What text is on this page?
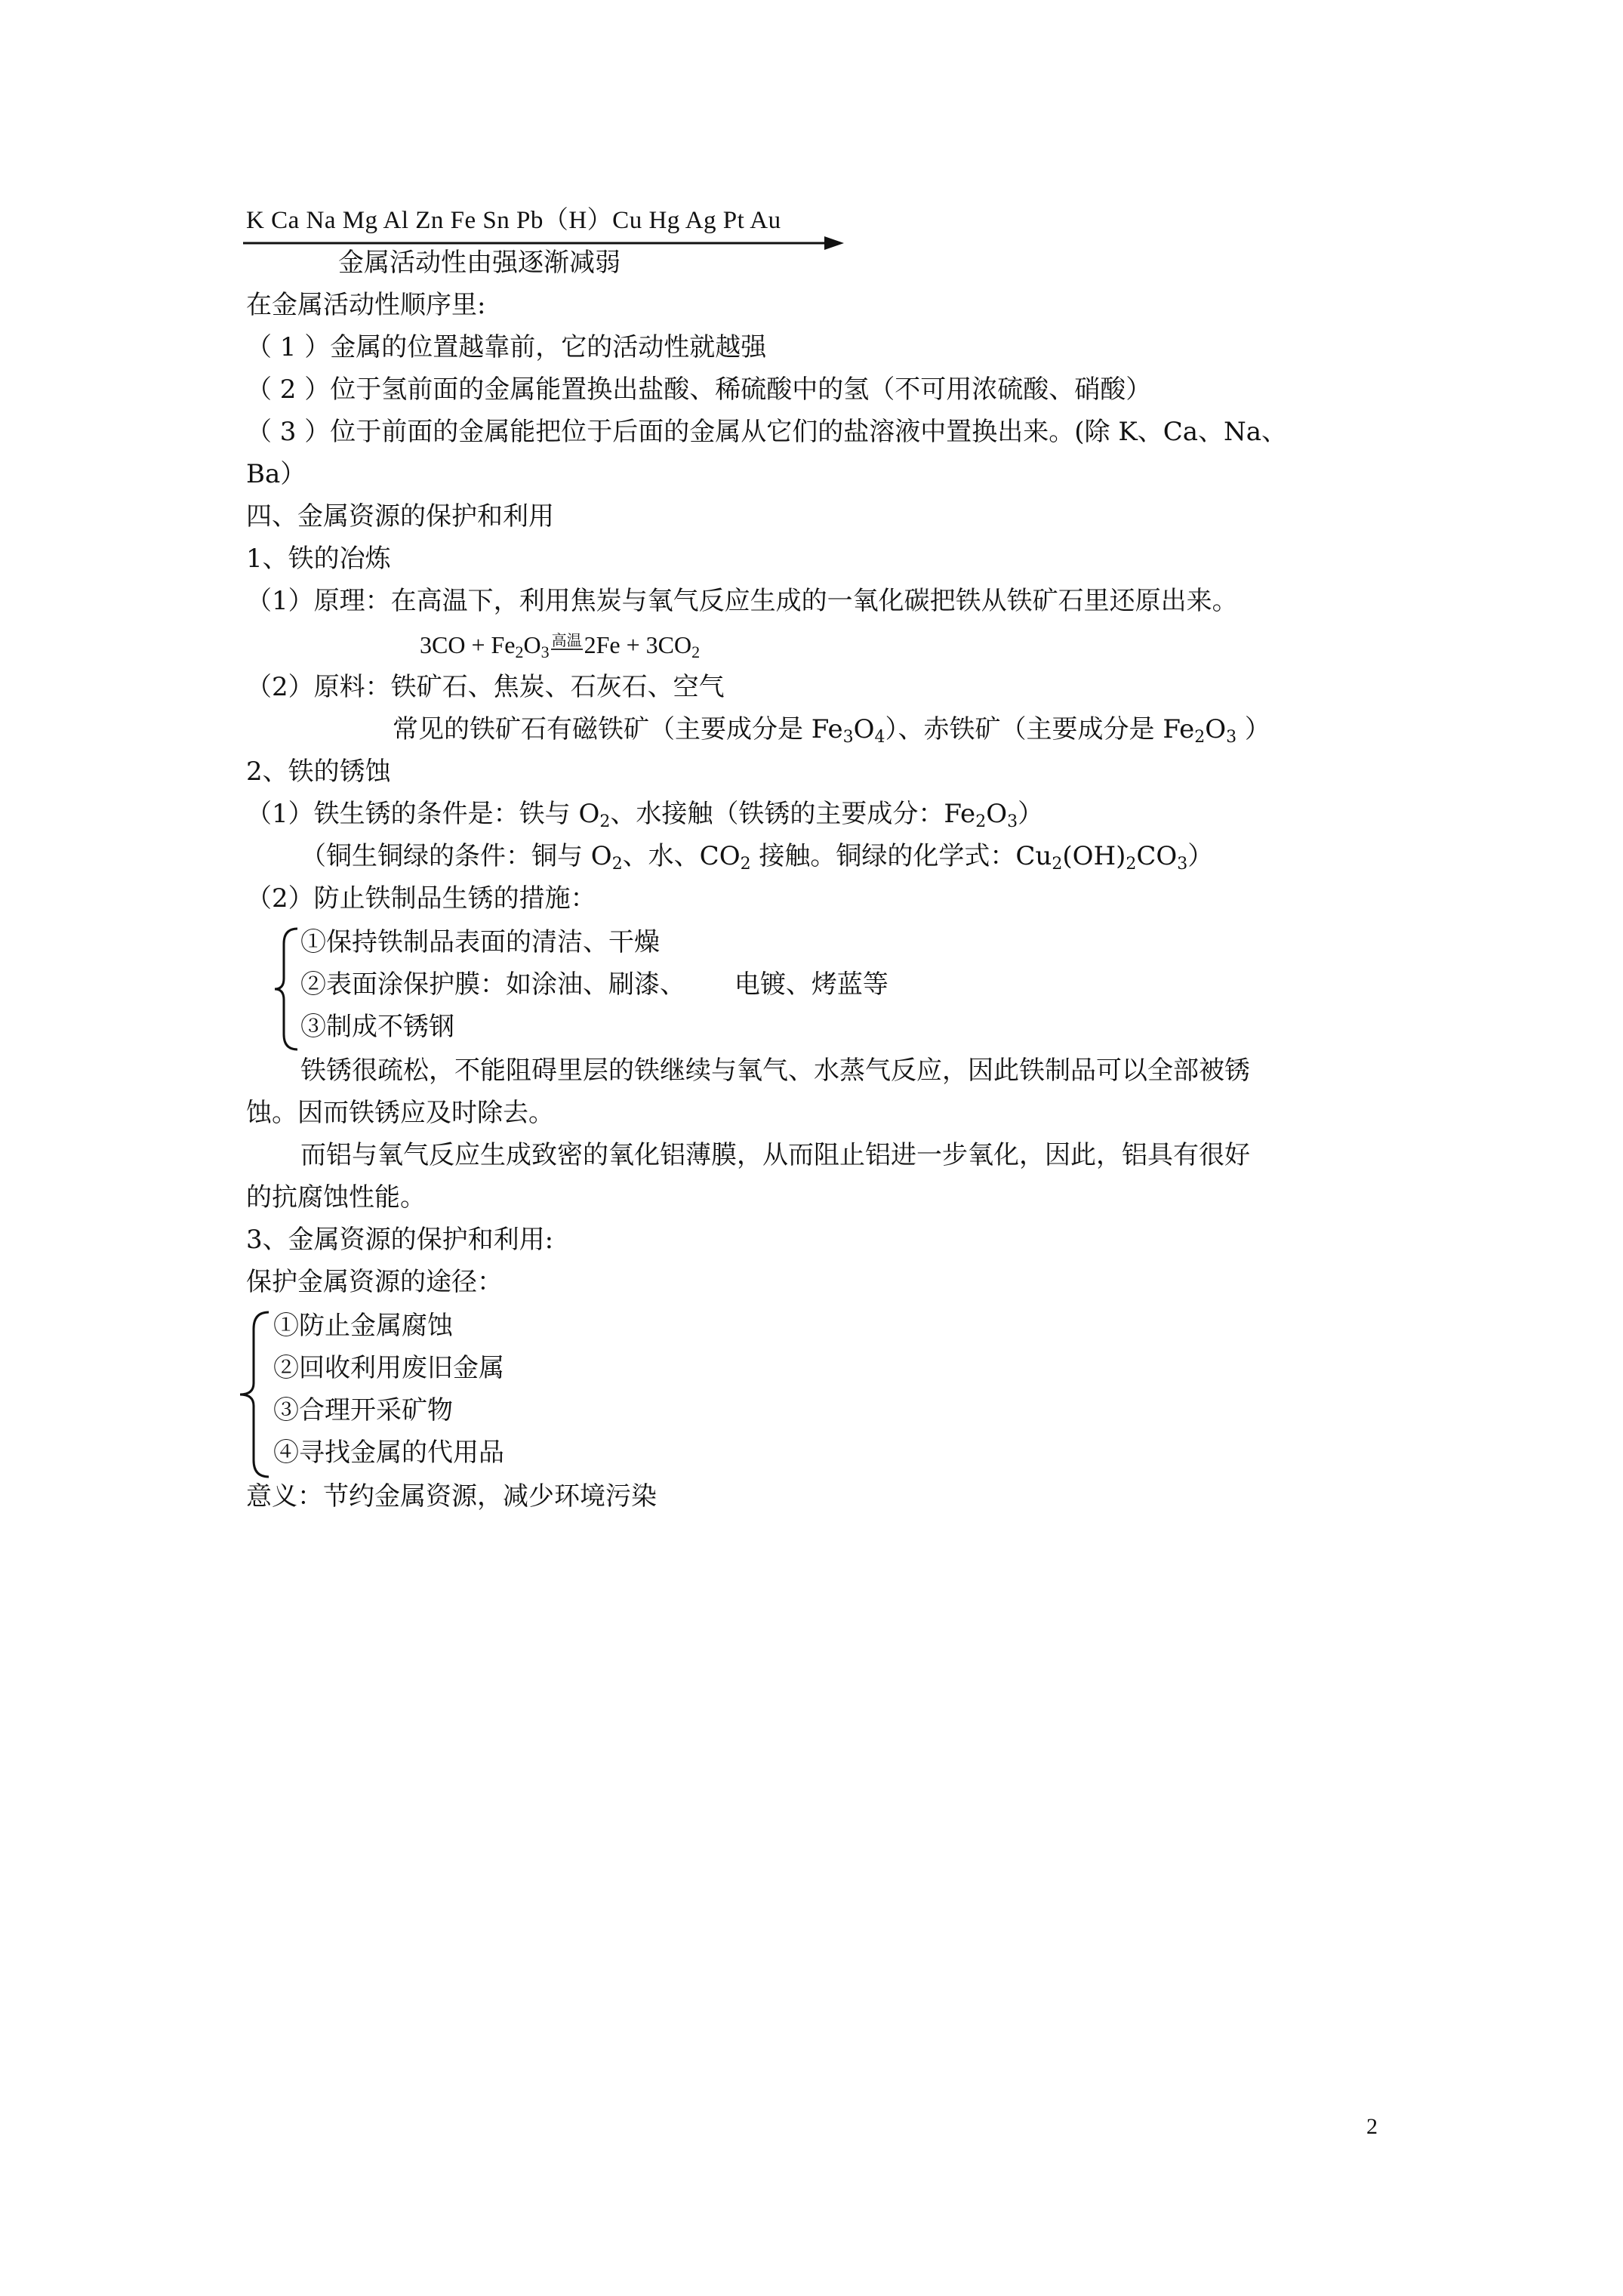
K Ca Na Mg Al Zn Fe Sn Pb（H）Cu Hg Ag Pt Au
金属活动性由强逐渐减弱
在金属活动性顺序里:
（ 1 ）金属的位置越靠前，它的活动性就越强
（ 2 ）位于氢前面的金属能置换出盐酸、稀硫酸中的氢（不可用浓硫酸、硝酸）
（ 3 ）位于前面的金属能把位于后面的金属从它们的盐溶液中置换出来。(除 K、Ca、Na、
Ba）
四、金属资源的保护和利用
1、铁的冶炼
（1）原理：在高温下，利用焦炭与氧气反应生成的一氧化碳把铁从铁矿石里还原出来。
$3CO + Fe_2O_3$高温$2Fe + 3CO_2$
（2）原料：铁矿石、焦炭、石灰石、空气
常见的铁矿石有磁铁矿（主要成分是 $Fe_3O_4$）、赤铁矿（主要成分是 $Fe_2O_3$ ）
2、铁的锈蚀
（1）铁生锈的条件是：铁与 $O_2$、水接触（铁锈的主要成分：$Fe_2O_3$）
（铜生铜绿的条件：铜与 $O_2$、水、$CO_2$ 接触。铜绿的化学式：$Cu_2(OH)_2CO_3$）
（2）防止铁制品生锈的措施：
①保持铁制品表面的清洁、干燥
②表面涂保护膜：如涂油、刷漆、      电镀、烤蓝等
③制成不锈钢
铁锈很疏松，不能阻碍里层的铁继续与氧气、水蒸气反应，因此铁制品可以全部被锈
蚀。因而铁锈应及时除去。
而铝与氧气反应生成致密的氧化铝薄膜，从而阻止铝进一步氧化，因此，铝具有很好
的抗腐蚀性能。
3、金属资源的保护和利用:
保护金属资源的途径：
①防止金属腐蚀
②回收利用废旧金属
③合理开采矿物
④寻找金属的代用品
意义：节约金属资源，减少环境污染
2
